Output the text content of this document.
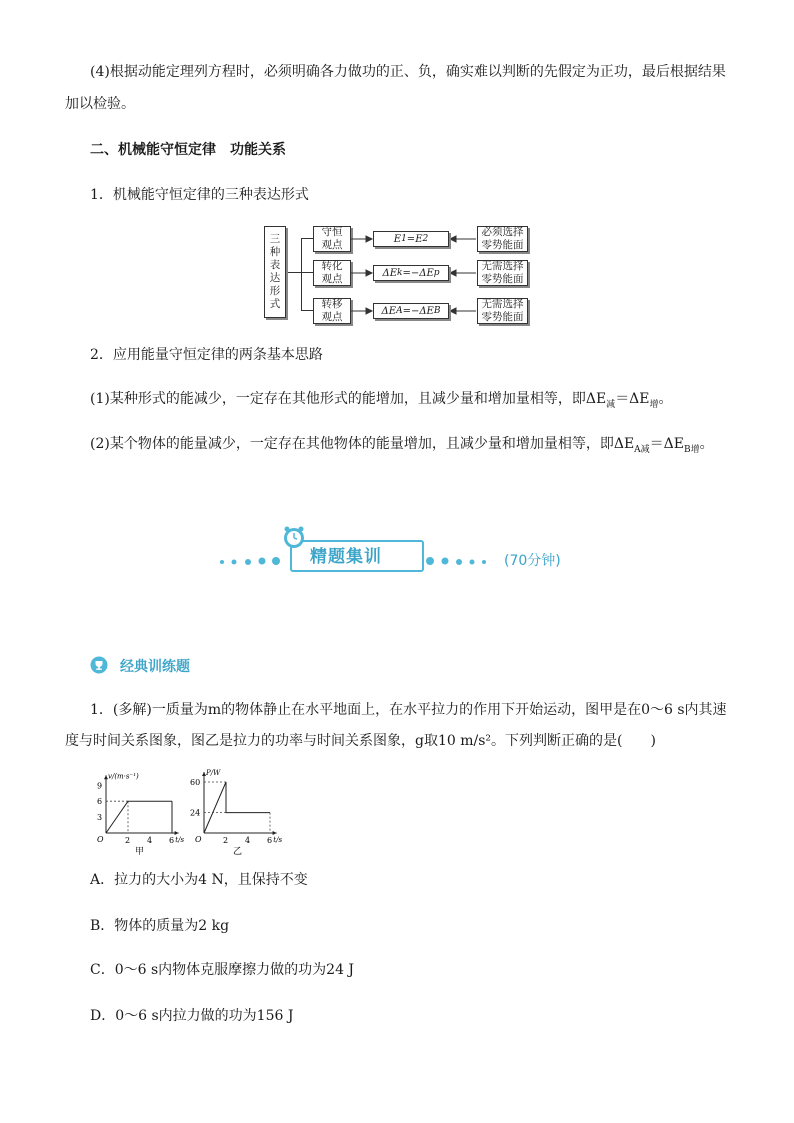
(4)根据动能定理列方程时，必须明确各力做功的正、负，确实难以判断的先假定为正功，最后根据结果
加以检验。
二、机械能守恒定律　功能关系
1．机械能守恒定律的三种表达形式
三
种
表
达
形
式
守恒
观点
转化
观点
转移
观点
E 1 = E 2
ΔE k =−ΔE p
ΔE A =−ΔE B
必须选择
零势能面
无需选择
零势能面
无需选择
零势能面
2．应用能量守恒定律的两条基本思路
(1)某种形式的能减少，一定存在其他形式的能增加，且减少量和增加量相等，即$\Delta E_减=\Delta E_增$。
(2)某个物体的能量减少，一定存在其他物体的能量增加，且减少量和增加量相等，即$\Delta E_{A减}=\Delta E_{B增}$。
精题集训	(70分钟)
经典训练题
1．(多解)一质量为m的物体静止在水平地面上，在水平拉力的作用下开始运动，图甲是在0～6 s内其速
度与时间关系图象，图乙是拉力的功率与时间关系图象，g取10 m/s²。下列判断正确的是(　　)
v/(m·s⁻¹)
t/s
O	2 4 6
3
6
9
甲
P/W
t/s
O	2 4 6
24
60
乙
A．拉力的大小为4 N，且保持不变
B．物体的质量为2 kg
C．0～6 s内物体克服摩擦力做的功为24 J
D．0～6 s内拉力做的功为156 J
